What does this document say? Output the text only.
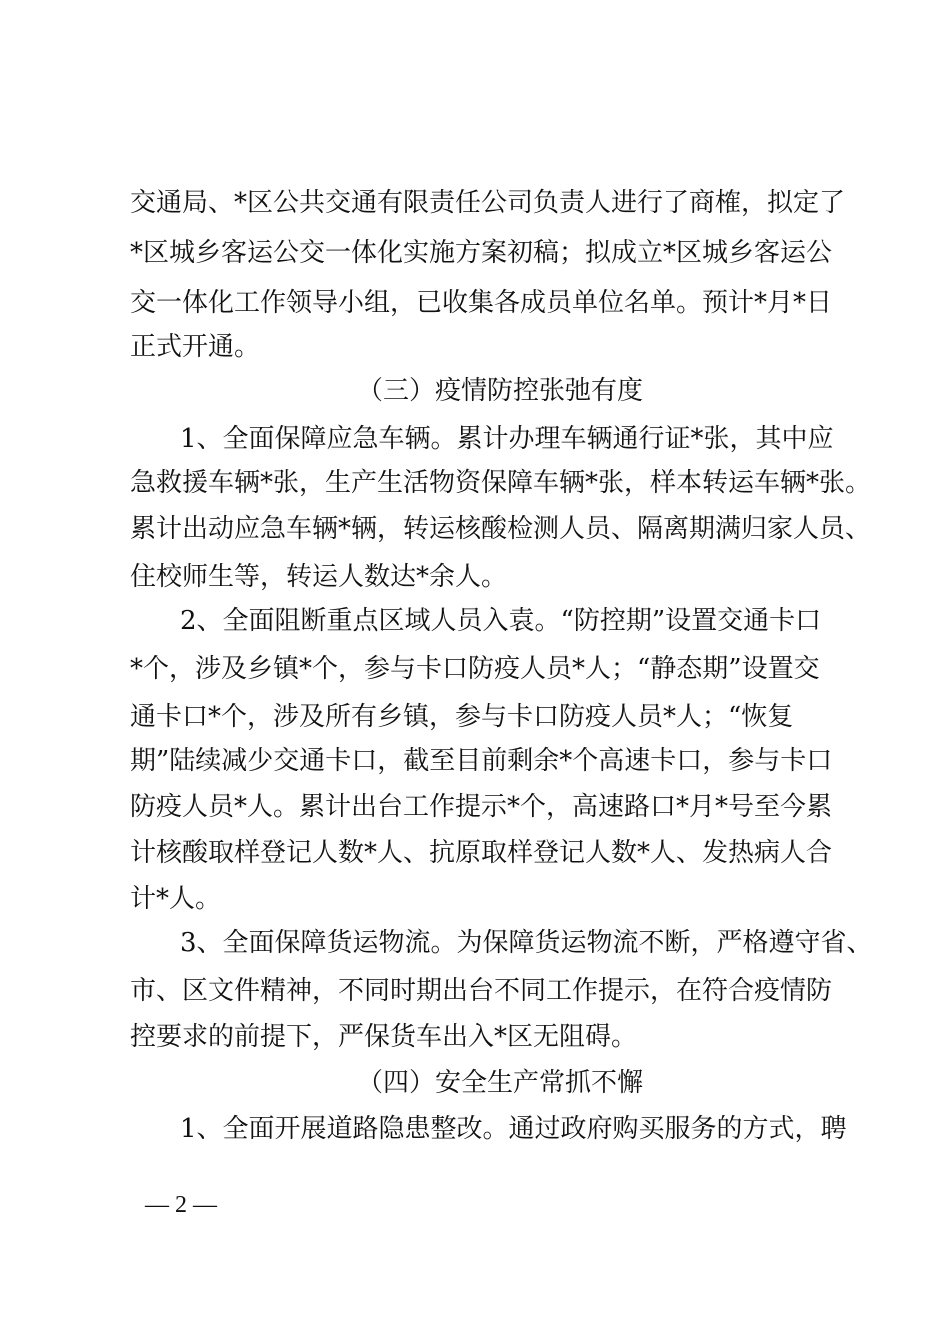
交通局、*区公共交通有限责任公司负责人进行了商榷，拟定了
*区城乡客运公交一体化实施方案初稿；拟成立*区城乡客运公
交一体化工作领导小组，已收集各成员单位名单。预计*月*日
正式开通。
（三）疫情防控张弛有度
1、全面保障应急车辆。累计办理车辆通行证*张，其中应
急救援车辆*张，生产生活物资保障车辆*张，样本转运车辆*张。
累计出动应急车辆*辆，转运核酸检测人员、隔离期满归家人员、
住校师生等，转运人数达*余人。
2、全面阻断重点区域人员入袁。“防控期”设置交通卡口
*个，涉及乡镇*个，参与卡口防疫人员*人；“静态期”设置交
通卡口*个，涉及所有乡镇，参与卡口防疫人员*人；“恢复
期”陆续减少交通卡口，截至目前剩余*个高速卡口，参与卡口
防疫人员*人。累计出台工作提示*个，高速路口*月*号至今累
计核酸取样登记人数*人、抗原取样登记人数*人、发热病人合
计*人。
3、全面保障货运物流。为保障货运物流不断，严格遵守省、
市、区文件精神，不同时期出台不同工作提示，在符合疫情防
控要求的前提下，严保货车出入*区无阻碍。
（四）安全生产常抓不懈
1、全面开展道路隐患整改。通过政府购买服务的方式，聘
— 2 —
